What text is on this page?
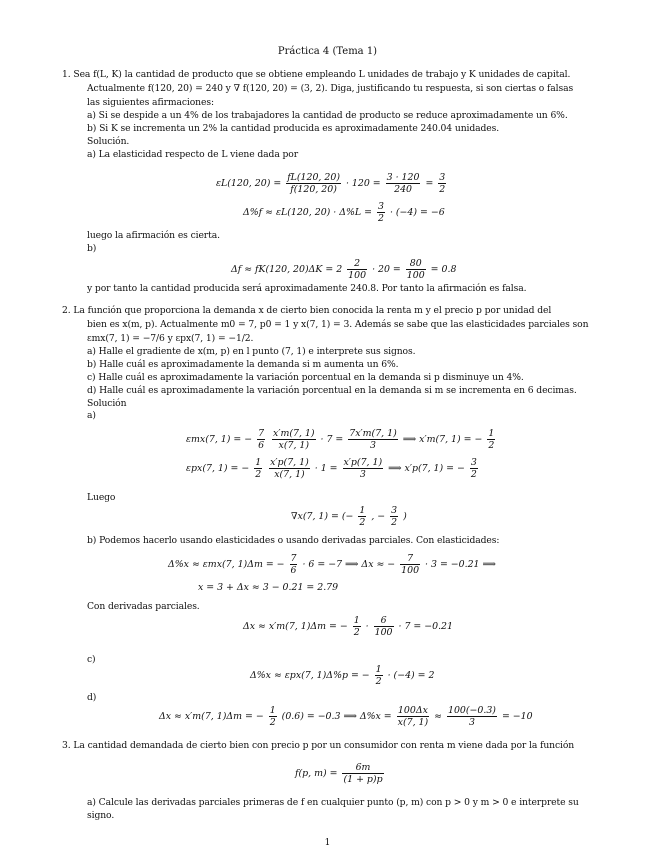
Práctica 4 (Tema 1)
1. Sea f(L, K) la cantidad de producto que se obtiene empleando L unidades de trabajo y K unidades de capital.
Actualmente f(120, 20) = 240 y ∇ f(120, 20) = (3, 2). Diga, justificando tu respuesta, si son ciertas o falsas
las siguientes afirmaciones:
a) Si se despide a un 4% de los trabajadores la cantidad de producto se reduce aproximadamente un 6%.
b) Si K se incrementa un 2% la cantidad producida es aproximadamente 240.04 unidades.
Solución.
a) La elasticidad respecto de L viene dada por
εL(120, $20) = \frac{fL(120, 20)}{f(120, 20)} \cdot 120 = \frac{3 \cdot 120}{240} = \frac{3}{2}$
Δ%f ≈ εL(120, $20) \cdot \Delta\%L = \frac{3}{2} \cdot (-4) = -6$
luego la afirmación es cierta.
b)
Δf ≈ fK(120, $20)\Delta K = 2 \frac{2}{100} \cdot 20 = \frac{80}{100} = 0.8$
y por tanto la cantidad producida será aproximadamente 240.8. Por tanto la afirmación es falsa.
2. La función que proporciona la demanda x de cierto bien conocida la renta m y el precio p por unidad del
bien es x(m, p). Actualmente m0 = 7, p0 = 1 y x(7, 1) = 3. Además se sabe que las elasticidades parciales son
εmx(7, 1) = −7/6 y εpx(7, 1) = −1/2.
a) Halle el gradiente de x(m, p) en l punto (7, 1) e interprete sus signos.
b) Halle cuál es aproximadamente la demanda si m aumenta un 6%.
c) Halle cuál es aproximadamente la variación porcentual en la demanda si p disminuye un 4%.
d) Halle cuál es aproximadamente la variación porcentual en la demanda si m se incrementa en 6 decimas.
Solución
a)
εmx(7, 1) = − $\frac{7}{6}$
$\frac{x'm(7, 1)}{x(7, 1)} \cdot 7 = \frac{7x'm(7, 1)}{3}$ ⟹ x′m(7, 1) = − $\frac{1}{2}$
εpx(7, 1) = − $\frac{1}{2}$
$\frac{x'p(7, 1)}{x(7, 1)} \cdot 1 = \frac{x'p(7, 1)}{3}$ ⟹ x′p(7, 1) = − $\frac{3}{2}$
Luego
∇x(7, 1) = (− $\frac{1}{2}$ , − $\frac{3}{2}$ )
b) Podemos hacerlo usando elasticidades o usando derivadas parciales. Con elasticidades:
Δ%x ≈ εmx(7, 1)Δm = − $\frac{7}{6} \cdot 6 = -7$ ⟹ Δx ≈ − $\frac{7}{100} \cdot 3 = -0.21$ ⟹
x = 3 + Δx ≈ 3 − 0.21 = 2.79
Con derivadas parciales.
Δx ≈ x′m(7, 1)Δm = − $\frac{1}{2} \cdot \frac{6}{100} \cdot 7 = -0.21$
c)
Δ%x ≈ εpx(7, 1)Δ%p = − $\frac{1}{2} \cdot (-4) = 2$
d)
Δx ≈ x′m(7, 1)Δm = − $\frac{1}{2} (0.6) = -0.3$ ⟹ $\Delta\%x = \frac{100\Delta x}{x(7, 1)} \approx \frac{100(-0.3)}{3} = -10$
3. La cantidad demandada de cierto bien con precio p por un consumidor con renta m viene dada por la función
f(p, $m) = \frac{6m}{(1 + p)p}$
a) Calcule las derivadas parciales primeras de f en cualquier punto (p, m) con p > 0 y m > 0 e interprete su
signo.
1
